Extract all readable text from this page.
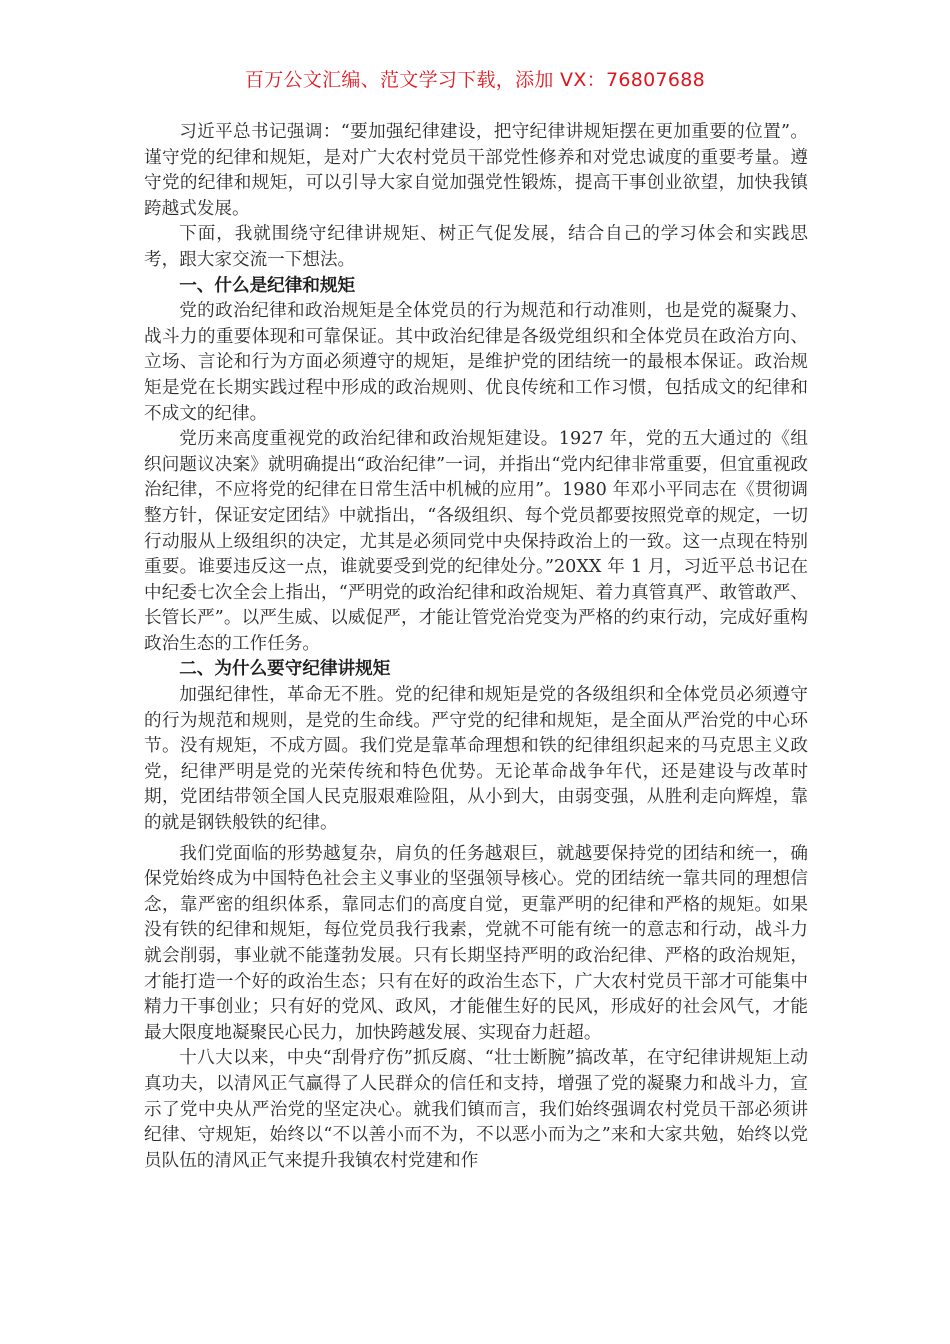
百万公文汇编、范文学习下载，添加 VX：76807688

习近平总书记强调：“要加强纪律建设，把守纪律讲规矩摆在更加重要的位置”。谨守党的纪律和规矩，是对广大农村党员干部党性修养和对党忠诚度的重要考量。遵守党的纪律和规矩，可以引导大家自觉加强党性锻炼，提高干事创业欲望，加快我镇跨越式发展。

下面，我就围绕守纪律讲规矩、树正气促发展，结合自己的学习体会和实践思考，跟大家交流一下想法。

一、什么是纪律和规矩

党的政治纪律和政治规矩是全体党员的行为规范和行动准则，也是党的凝聚力、战斗力的重要体现和可靠保证。其中政治纪律是各级党组织和全体党员在政治方向、立场、言论和行为方面必须遵守的规矩，是维护党的团结统一的最根本保证。政治规矩是党在长期实践过程中形成的政治规则、优良传统和工作习惯，包括成文的纪律和不成文的纪律。

党历来高度重视党的政治纪律和政治规矩建设。1927 年，党的五大通过的《组织问题议决案》就明确提出“政治纪律”一词，并指出“党内纪律非常重要，但宜重视政治纪律，不应将党的纪律在日常生活中机械的应用”。1980 年邓小平同志在《贯彻调整方针，保证安定团结》中就指出，“各级组织、每个党员都要按照党章的规定，一切行动服从上级组织的决定，尤其是必须同党中央保持政治上的一致。这一点现在特别重要。谁要违反这一点，谁就要受到党的纪律处分。”20XX 年 1 月，习近平总书记在中纪委七次全会上指出，“严明党的政治纪律和政治规矩、着力真管真严、敢管敢严、长管长严”。以严生威、以威促严，才能让管党治党变为严格的约束行动，完成好重构政治生态的工作任务。

二、为什么要守纪律讲规矩

加强纪律性，革命无不胜。党的纪律和规矩是党的各级组织和全体党员必须遵守的行为规范和规则，是党的生命线。严守党的纪律和规矩，是全面从严治党的中心环节。没有规矩，不成方圆。我们党是靠革命理想和铁的纪律组织起来的马克思主义政党，纪律严明是党的光荣传统和特色优势。无论革命战争年代，还是建设与改革时期，党团结带领全国人民克服艰难险阻，从小到大，由弱变强，从胜利走向辉煌，靠的就是钢铁般铁的纪律。

我们党面临的形势越复杂，肩负的任务越艰巨，就越要保持党的团结和统一，确保党始终成为中国特色社会主义事业的坚强领导核心。党的团结统一靠共同的理想信念，靠严密的组织体系，靠同志们的高度自觉，更靠严明的纪律和严格的规矩。如果没有铁的纪律和规矩，每位党员我行我素，党就不可能有统一的意志和行动，战斗力就会削弱，事业就不能蓬勃发展。只有长期坚持严明的政治纪律、严格的政治规矩，才能打造一个好的政治生态；只有在好的政治生态下，广大农村党员干部才可能集中精力干事创业；只有好的党风、政风，才能催生好的民风，形成好的社会风气，才能最大限度地凝聚民心民力，加快跨越发展、实现奋力赶超。

十八大以来，中央“刮骨疗伤”抓反腐、“壮士断腕”搞改革，在守纪律讲规矩上动真功夫，以清风正气赢得了人民群众的信任和支持，增强了党的凝聚力和战斗力，宣示了党中央从严治党的坚定决心。就我们镇而言，我们始终强调农村党员干部必须讲纪律、守规矩，始终以“不以善小而不为，不以恶小而为之”来和大家共勉，始终以党员队伍的清风正气来提升我镇农村党建和作
